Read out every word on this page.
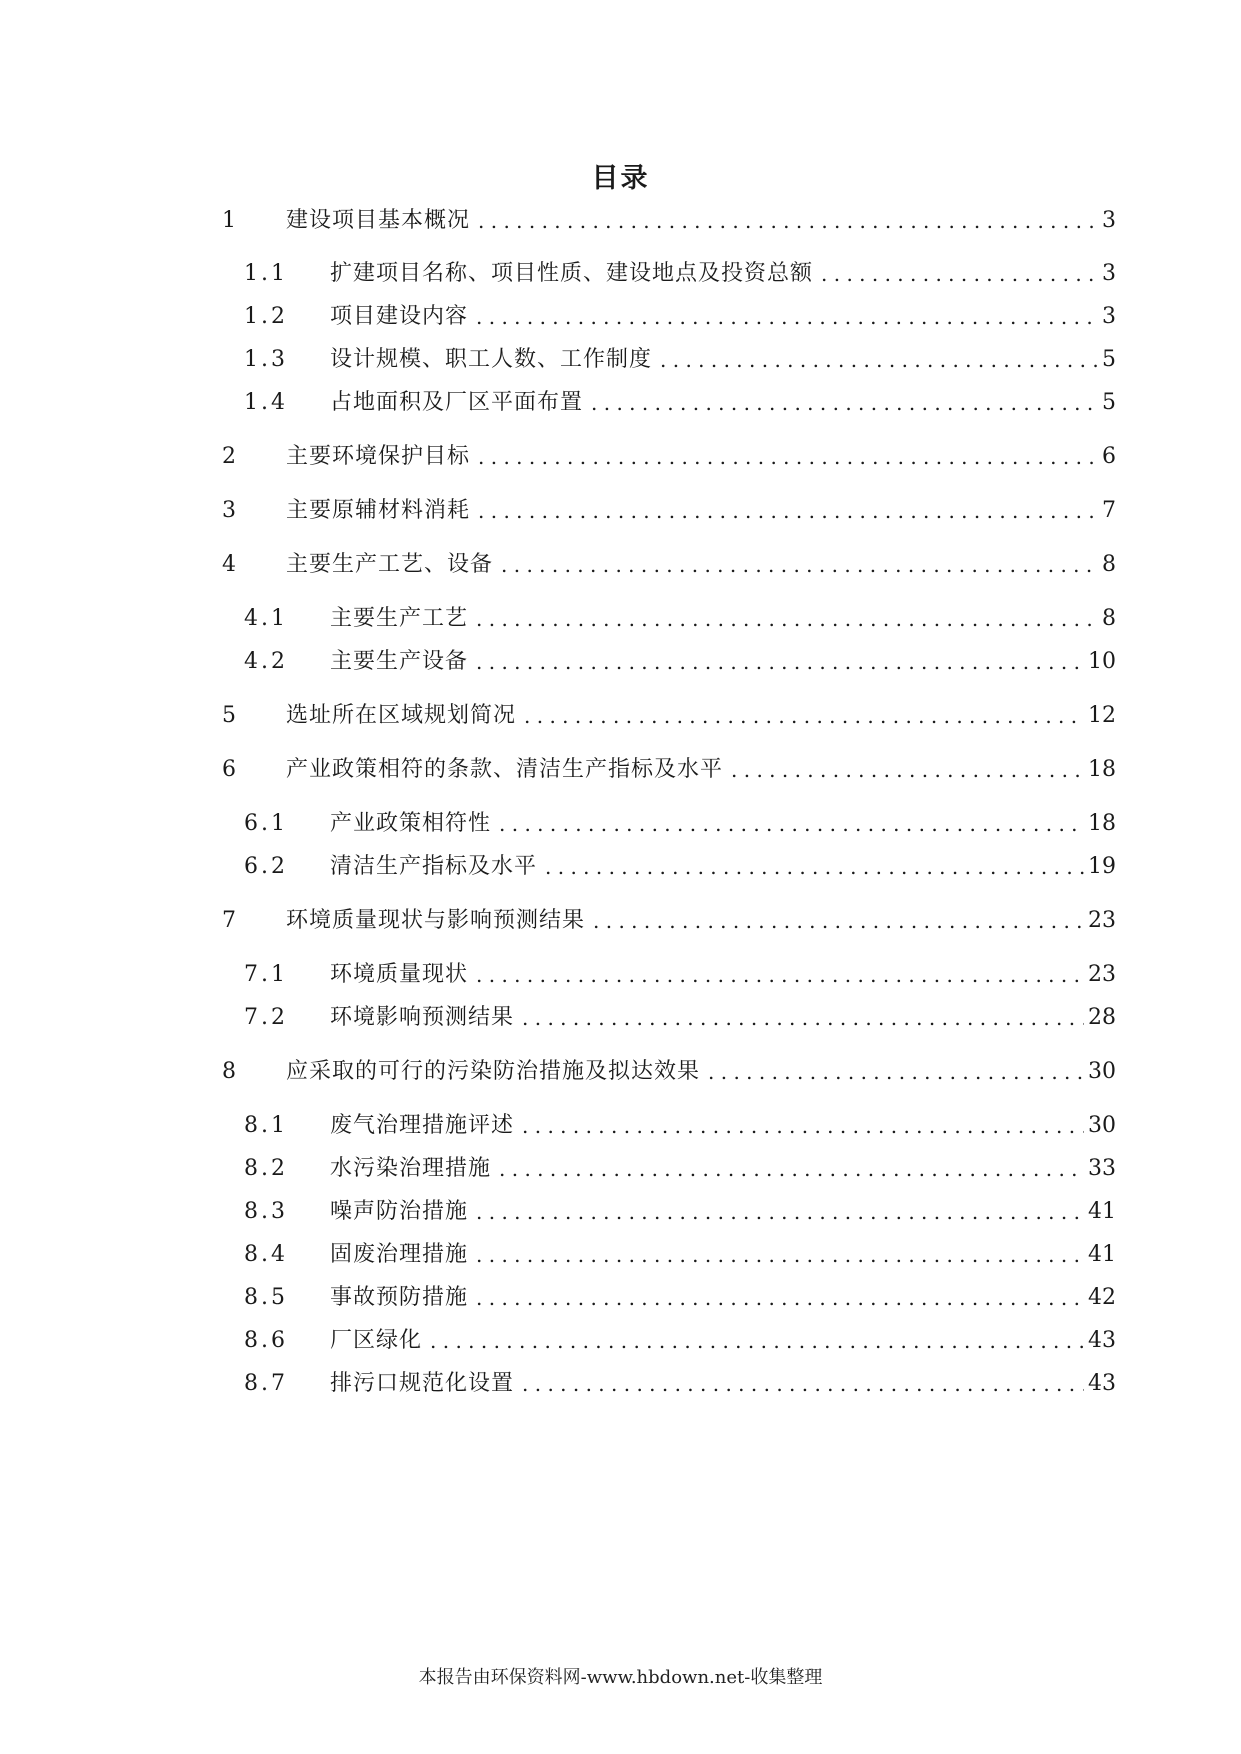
目录
1	建设项目基本概况 . . .	3
1.1	扩建项目名称、项目性质、建设地点及投资总额 . . .	3
1.2	项目建设内容 . . .	3
1.3	设计规模、职工人数、工作制度 . . .	5
1.4	占地面积及厂区平面布置 . . .	5
2	主要环境保护目标 . . .	6
3	主要原辅材料消耗 . . .	7
4	主要生产工艺、设备 . . .	8
4.1	主要生产工艺 . . .	8
4.2	主要生产设备 . . .	10
5	选址所在区域规划简况 . . .	12
6	产业政策相符的条款、清洁生产指标及水平 . . .	18
6.1	产业政策相符性 . . .	18
6.2	清洁生产指标及水平 . . .	19
7	环境质量现状与影响预测结果 . . .	23
7.1	环境质量现状 . . .	23
7.2	环境影响预测结果 . . .	28
8	应采取的可行的污染防治措施及拟达效果 . . .	30
8.1	废气治理措施评述 . . .	30
8.2	水污染治理措施 . . .	33
8.3	噪声防治措施 . . .	41
8.4	固废治理措施 . . .	41
8.5	事故预防措施 . . .	42
8.6	厂区绿化 . . .	43
8.7	排污口规范化设置 . . .	43
本报告由环保资料网-www.hbdown.net-收集整理
